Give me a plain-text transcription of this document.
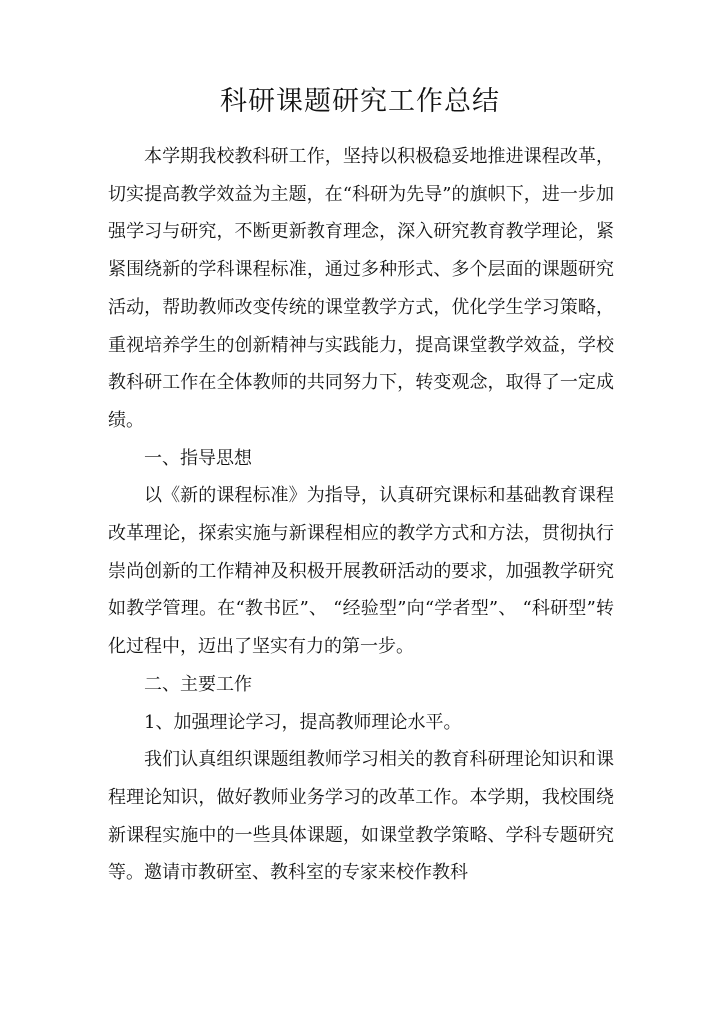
科研课题研究工作总结

本学期我校教科研工作，坚持以积极稳妥地推进课程改革，切实提高教学效益为主题，在“科研为先导”的旗帜下，进一步加强学习与研究，不断更新教育理念，深入研究教育教学理论，紧紧围绕新的学科课程标准，通过多种形式、多个层面的课题研究活动，帮助教师改变传统的课堂教学方式，优化学生学习策略，重视培养学生的创新精神与实践能力，提高课堂教学效益，学校教科研工作在全体教师的共同努力下，转变观念，取得了一定成绩。

一、指导思想

以《新的课程标准》为指导，认真研究课标和基础教育课程改革理论，探索实施与新课程相应的教学方式和方法，贯彻执行崇尚创新的工作精神及积极开展教研活动的要求，加强教学研究如教学管理。在“教书匠”、 “经验型”向“学者型”、 “科研型”转化过程中，迈出了坚实有力的第一步。

二、主要工作

1、加强理论学习，提高教师理论水平。

我们认真组织课题组教师学习相关的教育科研理论知识和课程理论知识，做好教师业务学习的改革工作。本学期，我校围绕新课程实施中的一些具体课题，如课堂教学策略、学科专题研究等。邀请市教研室、教科室的专家来校作教科
